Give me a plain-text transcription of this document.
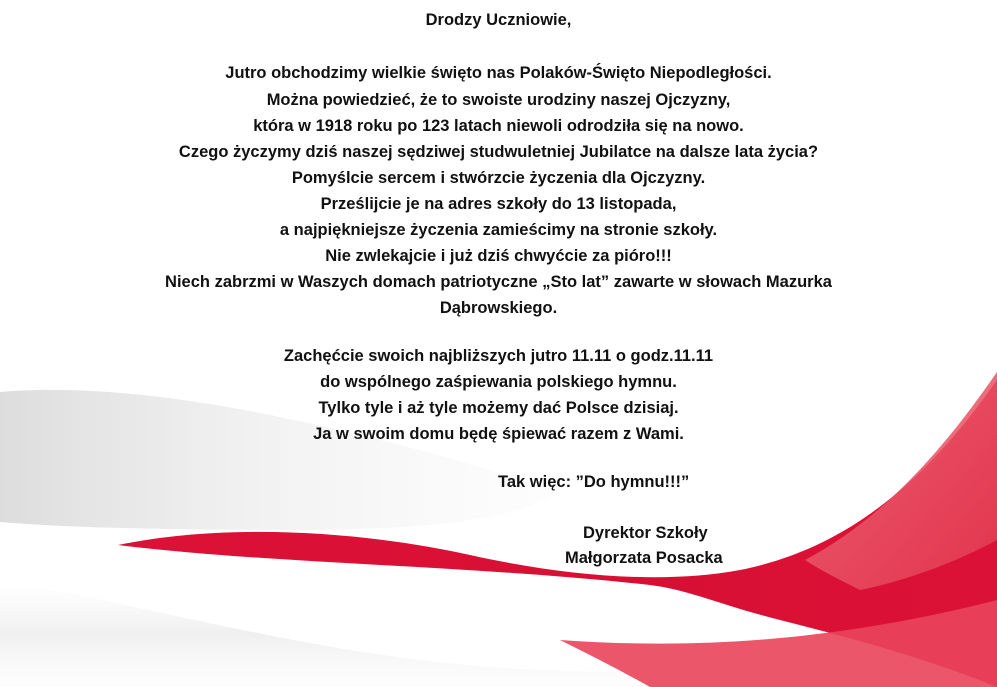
Drodzy Uczniowie,
Jutro obchodzimy wielkie święto nas Polaków-Święto Niepodległości.
Można powiedzieć, że to swoiste urodziny naszej Ojczyzny,
która w 1918 roku po 123 latach niewoli odrodziła się na nowo.
Czego życzymy dziś naszej sędziwej studwuletniej Jubilatce na dalsze lata życia?
Pomyślcie sercem i stwórzcie życzenia dla Ojczyzny.
Prześlijcie je na adres szkoły do 13 listopada,
a najpiękniejsze życzenia zamieścimy na stronie szkoły.
Nie zwlekajcie i już dziś chwyćcie za pióro!!!
Niech zabrzmi w Waszych domach patriotyczne „Sto lat” zawarte w słowach Mazurka
Dąbrowskiego.
Zachęćcie swoich najbliższych jutro 11.11 o godz.11.11
do wspólnego zaśpiewania polskiego hymnu.
Tylko tyle i aż tyle możemy dać Polsce dzisiaj.
Ja w swoim domu będę śpiewać razem z Wami.
Tak więc: ”Do hymnu!!!”
Dyrektor Szkoły
Małgorzata Posacka
